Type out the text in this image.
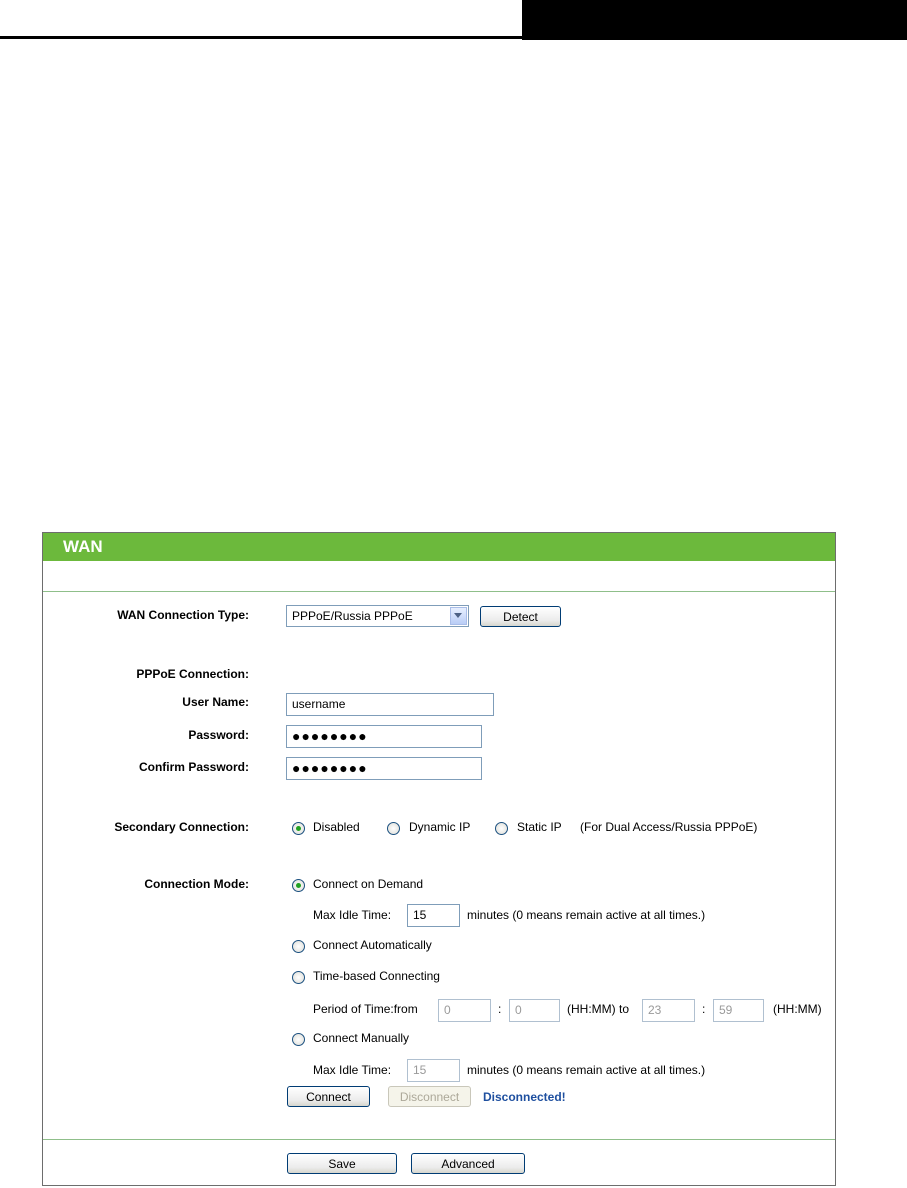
WAN
WAN Connection Type:	PPPoE/Russia PPPoE	Detect
PPPoE Connection:
User Name:	username
Password:	●●●●●●●●
Confirm Password:	●●●●●●●●
Secondary Connection:	Disabled	Dynamic IP	Static IP (For Dual Access/Russia PPPoE)
Connection Mode:	Connect on Demand
Max Idle Time:	15	minutes (0 means remain active at all times.)
Connect Automatically
Time-based Connecting
Period of Time:from	0	:	0	(HH:MM) to	23	:	59	(HH:MM)
Connect Manually
Max Idle Time:	15	minutes (0 means remain active at all times.)
Connect	Disconnect	Disconnected!
Save	Advanced
